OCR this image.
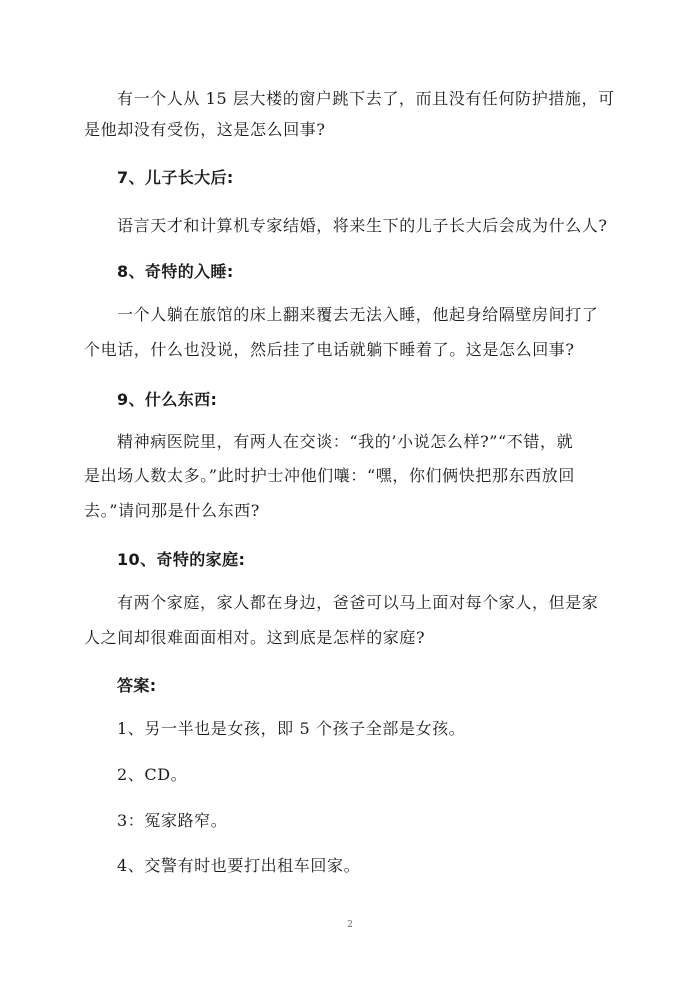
有一个人从 15 层大楼的窗户跳下去了，而且没有任何防护措施，可

是他却没有受伤，这是怎么回事?

7、儿子长大后:

语言天才和计算机专家结婚，将来生下的儿子长大后会成为什么人?

8、奇特的入睡:

一个人躺在旅馆的床上翻来覆去无法入睡，他起身给隔壁房间打了

个电话，什么也没说，然后挂了电话就躺下睡着了。这是怎么回事?

9、什么东西:

精神病医院里，有两人在交谈：“我的’小说怎么样?”“不错，就

是出场人数太多。”此时护士冲他们嚷：“嘿，你们俩快把那东西放回

去。”请问那是什么东西?

10、奇特的家庭:

有两个家庭，家人都在身边，爸爸可以马上面对每个家人，但是家

人之间却很难面面相对。这到底是怎样的家庭?

答案:

1、另一半也是女孩，即 5 个孩子全部是女孩。

2、CD。

3：冤家路窄。

4、交警有时也要打出租车回家。

2
